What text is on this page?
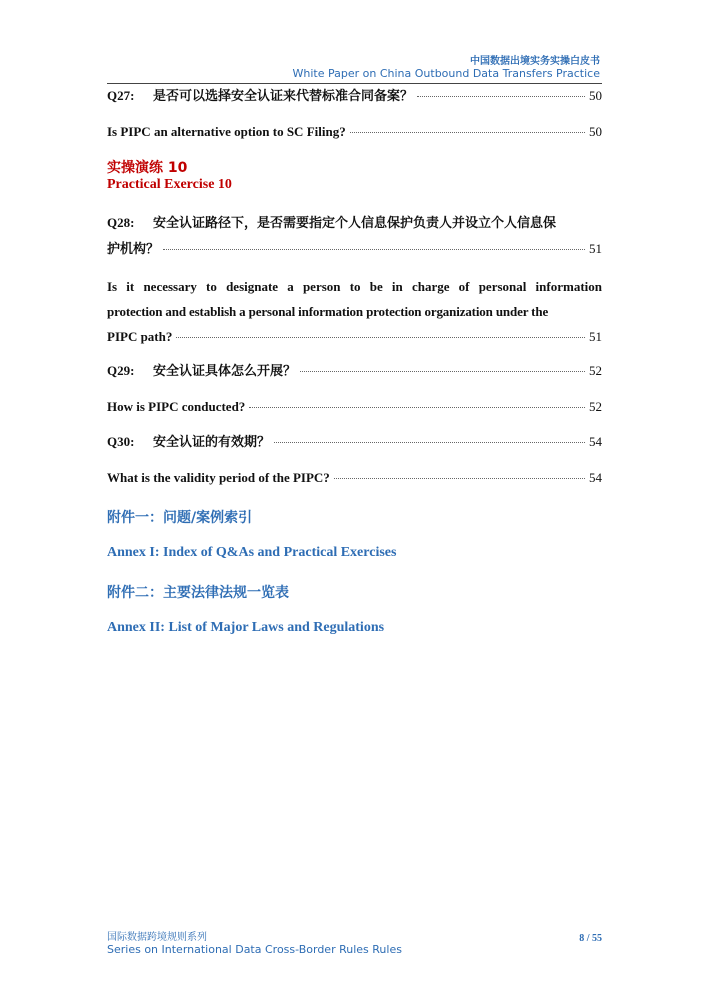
中国数据出境实务实操白皮书
White Paper on China Outbound Data Transfers Practice
Q27: 是否可以选择安全认证来代替标准合同备案？	50
Is PIPC an alternative option to SC Filing?	50
实操演练 10
Practical Exercise 10
Q28: 安全认证路径下，是否需要指定个人信息保护负责人并设立个人信息保
护机构？	51
Is it necessary to designate a person to be in charge of personal information
protection and establish a personal information protection organization under the
PIPC path?	51
Q29: 安全认证具体怎么开展？	52
How is PIPC conducted?	52
Q30: 安全认证的有效期？	54
What is the validity period of the PIPC?	54
附件一：问题/案例索引
Annex I: Index of Q&As and Practical Exercises
附件二：主要法律法规一览表
Annex II: List of Major Laws and Regulations
国际数据跨境规则系列
Series on International Data Cross-Border Rules Rules
8 / 55
